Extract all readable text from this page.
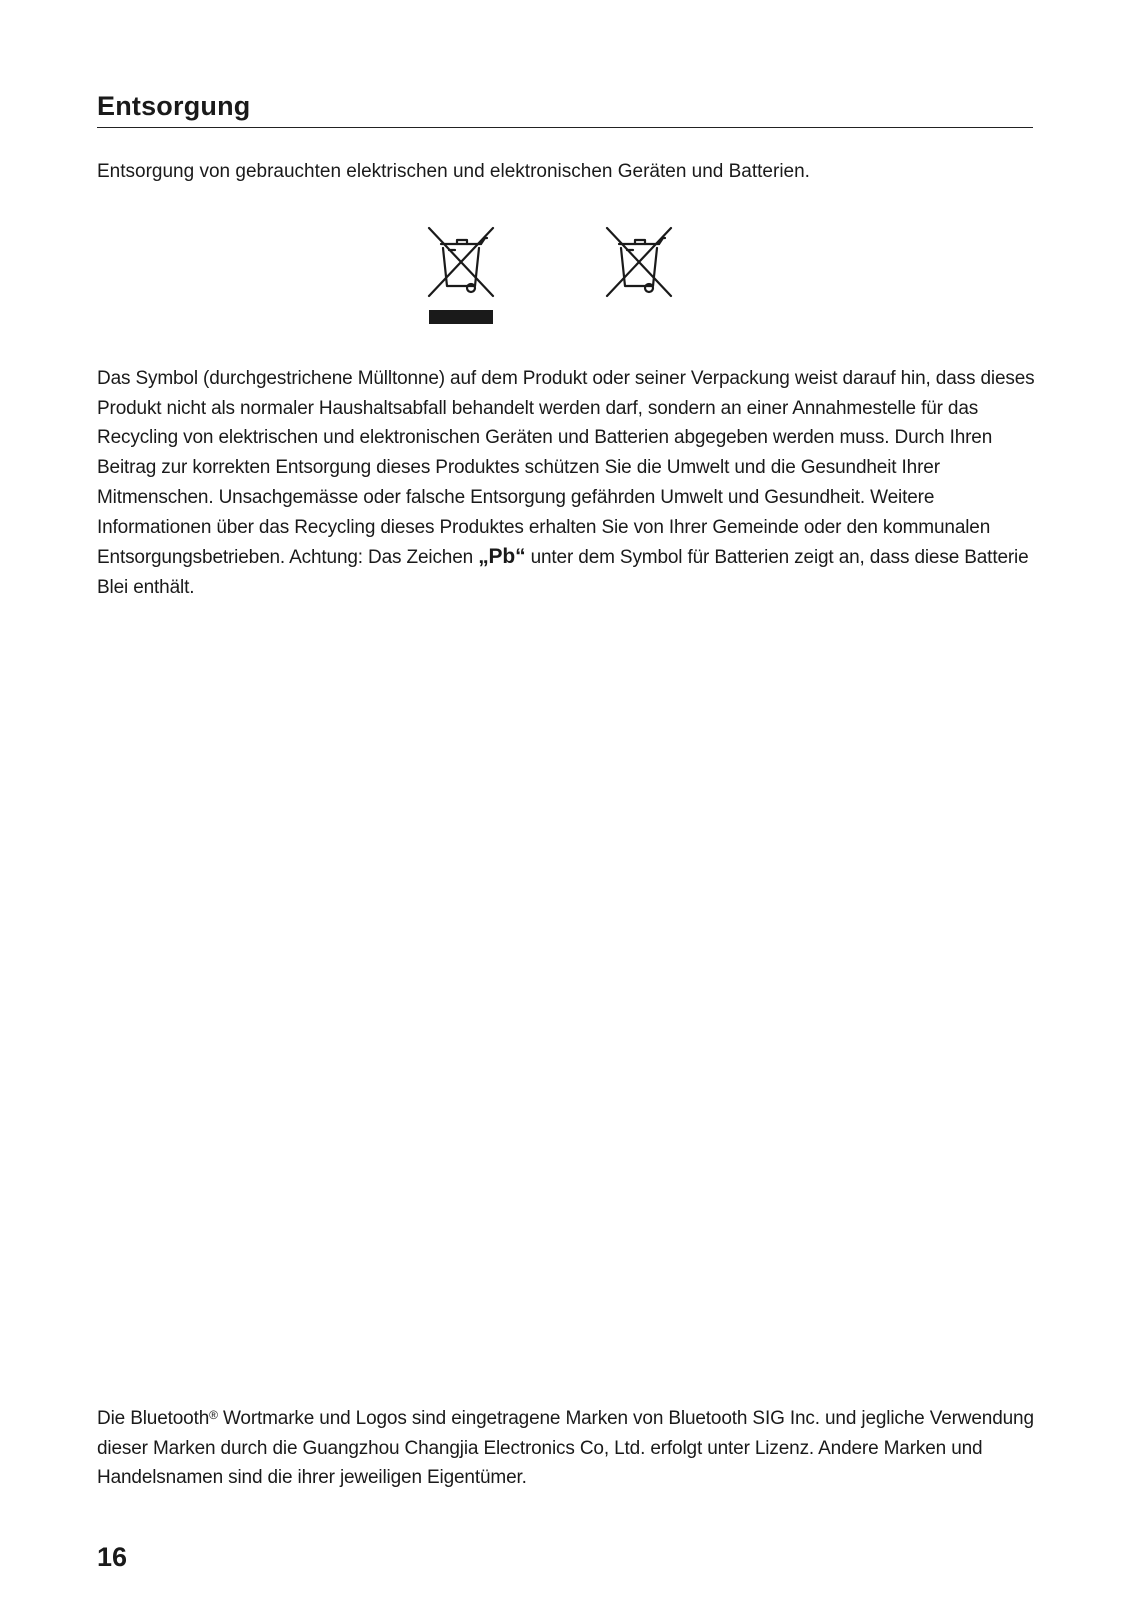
Entsorgung

Entsorgung von gebrauchten elektrischen und elektronischen Geräten und Batterien.

Das Symbol (durchgestrichene Mülltonne) auf dem Produkt oder seiner Verpackung weist darauf hin, dass dieses Produkt nicht als normaler Haushaltsabfall behandelt werden darf, sondern an einer Annahmestelle für das Recycling von elektrischen und elektronischen Geräten und Batterien abgegeben werden muss. Durch Ihren Beitrag zur korrekten Entsorgung dieses Produktes schützen Sie die Umwelt und die Gesundheit Ihrer Mitmenschen. Unsachgemässe oder falsche Entsorgung gefährden Umwelt und Gesundheit. Weitere Informationen über das Recycling dieses Produktes erhalten Sie von Ihrer Gemeinde oder den kommunalen Entsorgungsbetrieben. Achtung: Das Zeichen „Pb“ unter dem Symbol für Batterien zeigt an, dass diese Batterie Blei enthält.

Die Bluetooth® Wortmarke und Logos sind eingetragene Marken von Bluetooth SIG Inc. und jegliche Verwendung dieser Marken durch die Guangzhou Changjia Electronics Co, Ltd. erfolgt unter Lizenz. Andere Marken und Handelsnamen sind die ihrer jeweiligen Eigentümer.

16
